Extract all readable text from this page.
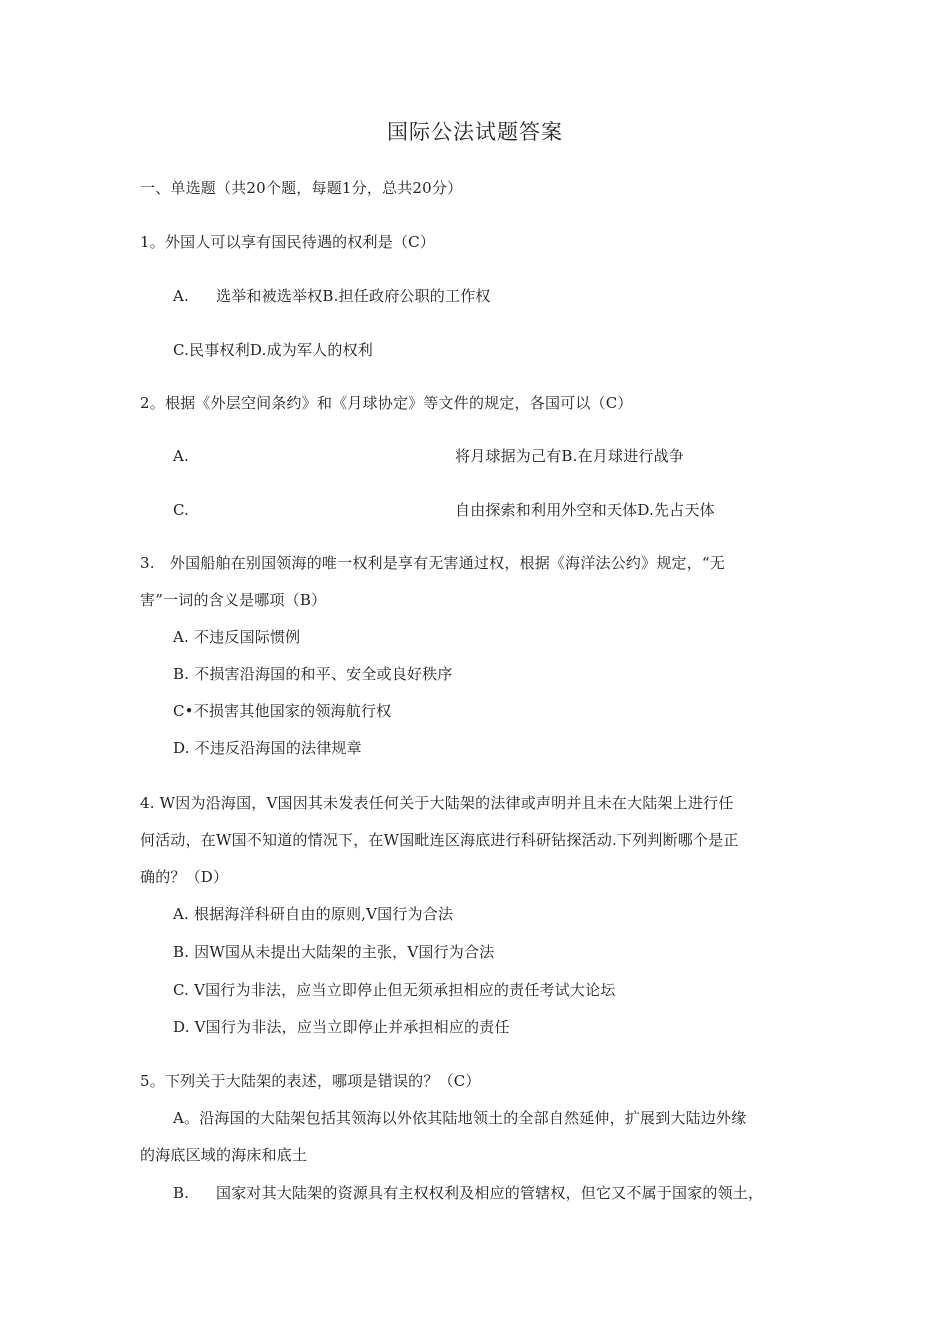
国际公法试题答案
一、单选题（共20个题，每题1分，总共20分）
1。外国人可以享有国民待遇的权利是（C）
A. 选举和被选举权B.担任政府公职的工作权
C.民事权利D.成为军人的权利
2。根据《外层空间条约》和《月球协定》等文件的规定，各国可以（C）
A.	将月球据为己有B.在月球进行战争
C.	自由探索和利用外空和天体D.先占天体
3.　外国船舶在别国领海的唯一权利是享有无害通过权，根据《海洋法公约》规定，“无
害”一词的含义是哪项（B）
A. 不违反国际惯例
B. 不损害沿海国的和平、安全或良好秩序
C•不损害其他国家的领海航行权
D. 不违反沿海国的法律规章
4. W因为沿海国，V国因其未发表任何关于大陆架的法律或声明并且未在大陆架上进行任
何活动，在W国不知道的情况下，在W国毗连区海底进行科研钻探活动.下列判断哪个是正
确的？（D）
A. 根据海洋科研自由的原则,V国行为合法
B. 因W国从未提出大陆架的主张，V国行为合法
C. V国行为非法，应当立即停止但无须承担相应的责任考试大论坛
D. V国行为非法，应当立即停止并承担相应的责任
5。下列关于大陆架的表述，哪项是错误的？（C）
A。沿海国的大陆架包括其领海以外依其陆地领土的全部自然延伸，扩展到大陆边外缘
的海底区域的海床和底土
B. 国家对其大陆架的资源具有主权权利及相应的管辖权，但它又不属于国家的领土，
